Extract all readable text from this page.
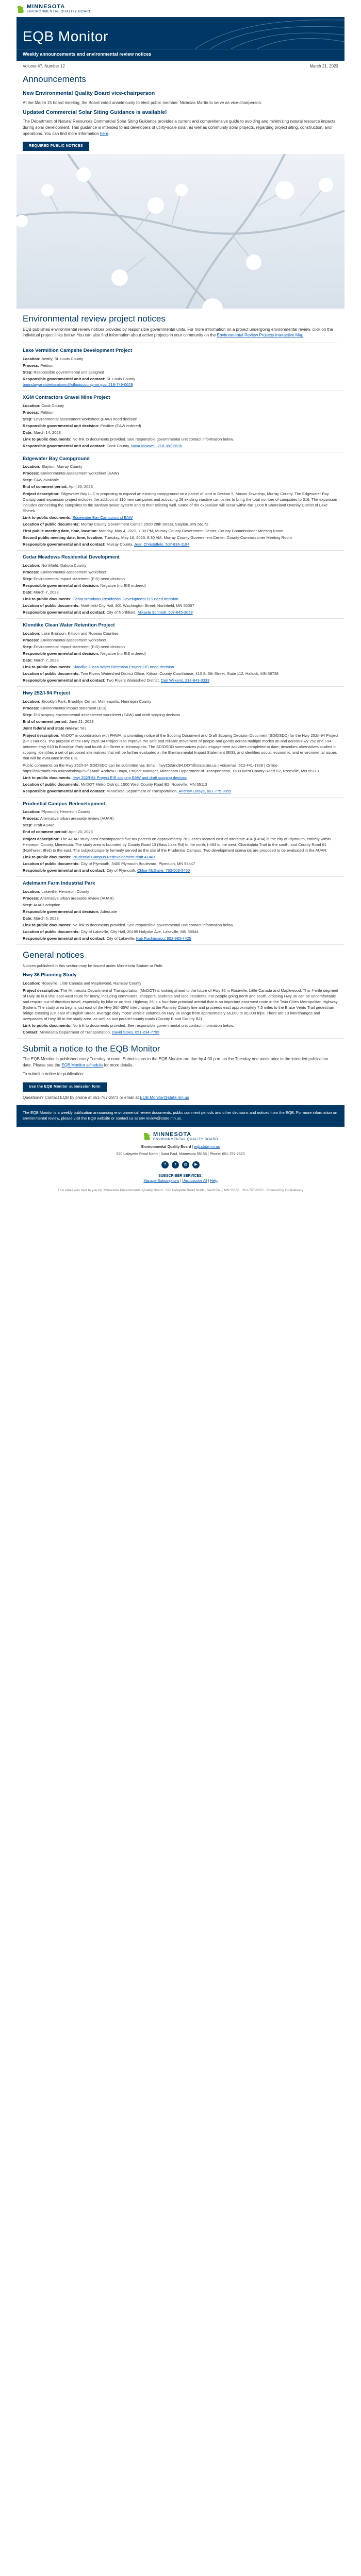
MINNESOTA
ENVIRONMENTAL QUALITY BOARD
EQB Monitor
Weekly announcements and environmental review notices
Volume 47, Number 12	March 21, 2023
Announcements
New Environmental Quality Board vice-chairperson

At the March 15 board meeting, the Board voted unanimously to elect public member, Nicholas Martin to serve as vice-chairperson.

Updated Commercial Solar Siting Guidance is available!

The Department of Natural Resources Commercial Solar Siting Guidance provides a current and comprehensive guide to avoiding and minimizing natural resource impacts during solar development. This guidance is intended to aid developers of utility-scale solar, as well as community solar projects, regarding project siting, construction, and operations. You can find more information here.

REQUIRED PUBLIC NOTICES
Environmental review project notices

EQB publishes environmental review notices provided by responsible governmental units. For more information on a project undergoing environmental review, click on the individual project links below. You can also find information about active projects in your community on the Environmental Review Projects Interactive Map.

Lake Vermillion Campsite Development Project

Location: Beatty, St. Louis County

Process: Petition

Step: Responsible governmental unit assigned

Responsible governmental unit and contact: St. Louis County
boundaryandsitelocations@stlouiscountymn.gov, 218-749-0629

XGM Contractors Gravel Mine Project

Location: Cook County

Process: Petition

Step: Environmental assessment worksheet (EAW) need decision

Responsible governmental unit decision: Positive (EAW ordered)

Date: March 14, 2023

Link to public documents: No link to documents provided. See responsible governmental unit contact information below.

Responsible governmental unit and contact: Cook County, Nova Maxwell, 218-387-3630

Edgewater Bay Campground

Location: Slayton, Murray County

Process: Environmental assessment worksheet (EAW)

Step: EAW available

End of comment period: April 20, 2023

Project description: Edgewater Bay LLC is proposing to expand an existing campground on a parcel of land in Section 5, Mason Township, Murray County. The Edgewater Bay Campground expansion project includes the addition of 110 new campsites and activating 28 existing inactive campsites to bring the total number of campsites to 316. The expansion includes connecting the campsites to the sanitary sewer system and to their existing well. Some of the expansion will occur within the 1,000 ft Shoreland Overlay District of Lake Shetek.

Link to public documents: Edgewater Bay Campground EAW

Location of public documents: Murray County Government Center, 2500 28th Street, Slayton, MN 56172

First public meeting date, time, location: Monday, May 4, 2023, 7:00 PM, Murray County Government Center, County Commissioner Meeting Room

Second public meeting date, time, location: Tuesday, May 16, 2023, 8:30 AM, Murray County Government Center, County Commissioner Meeting Room

Responsible governmental unit and contact: Murray County, Jean Christoffels, 507-836-1184

Cedar Meadows Residential Development

Location: Northfield, Dakota County

Process: Environmental assessment worksheet

Step: Environmental impact statement (EIS) need decision

Responsible governmental unit decision: Negative (no EIS ordered)

Date: March 7, 2023

Link to public documents: Cedar Meadows Residential Development EIS need decision

Location of public documents: Northfield City Hall, 801 Washington Street, Northfield, MN 55057

Responsible governmental unit and contact: City of Northfield, Mikayla Schmidt, 507-645-3059

Klondike Clean Water Retention Project

Location: Lake Bronson, Kittson and Roseau Counties

Process: Environmental assessment worksheet

Step: Environmental impact statement (EIS) need decision

Responsible governmental unit decision: Negative (no EIS ordered)

Date: March 7, 2023

Link to public documents: Klondike Clean Water Retention Project EIS need decision

Location of public documents: Two Rivers Watershed District Office, Kittson County Courthouse, 410 S. 5th Street, Suite 112, Hallock, MN 56728

Responsible governmental unit and contact: Two Rivers Watershed District, Dan Wilkens, 218-843-3333

Hwy 252/I-94 Project

Location: Brooklyn Park, Brooklyn Center, Minneapolis, Hennepin County

Process: Environmental impact statement (EIS)

Step: EIS scoping environmental assessment worksheet (EAW) and draft scoping decision

End of comment period: June 21, 2023

Joint federal and state review: Yes

Project description: MnDOT in coordination with FHWA, is providing notice of the Scoping Document and Draft Scoping Decision Document (SD/DSDD) for the Hwy 252/I-94 Project (SP 2748-66). The purpose of the Hwy 252/I-94 Project is to improve the safe and reliable movement of people and goods across multiple modes on and across Hwy 252 and I-94 between Hwy 610 in Brooklyn Park and fourth 4th Street in Minneapolis. The SD/DSDD summarizes public engagement activities completed to date; describes alternatives studied in scoping; identifies a set of proposed alternatives that will be further evaluated in the Environmental Impact Statement (EIS); and identifies social, economic, and environmental issues that will be evaluated in the EIS.

Public comments on the Hwy 252/I-94 SD/DSDD can be submitted via: Email: hwy252and94.DOT@state.mn.us | Voicemail: 612-441-1928 | Online: https://talkroads.mn.us/roads/hwy252/ | Mail: Andrew Lutaya, Project Manager, Minnesota Department of Transportation, 1500 West County Road B2, Roseville, MN 55113

Link to public documents: Hwy 252/I-94 Project EIS scoping EAW and draft scoping decision

Location of public documents: MnDOT Metro District, 1500 West County Road B2, Roseville, MN 55113

Responsible governmental unit and contact: Minnesota Department of Transportation, Andrew Lutaya, 651-775-0855

Prudential Campus Redevelopment

Location: Plymouth, Hennepin County

Process: Alternative urban areawide review (AUAR)

Step: Draft AUAR

End of comment period: April 20, 2023

Project description: The AUAR study area encompasses five tax parcels on approximately 76.2 acres located east of Interstate 494 (I-494) in the city of Plymouth, entirely within Hennepin County, Minnesota. The study area is bounded by County Road 10 (Bass Lake Rd) to the north, I-494 to the west, Chankahda Trail to the south, and County Road 61 (Northwest Blvd) to the east. The subject property formerly served as the site of the Prudential Campus. Two development scenarios are proposed to be evaluated in the AUAR.

Link to public documents: Prudential Campus Redevelopment draft AUAR

Location of public documents: City of Plymouth, 3400 Plymouth Boulevard, Plymouth, MN 55447

Responsible governmental unit and contact: City of Plymouth, Chloe McGuire, 763-509-5450

Adelmann Farm Industrial Park

Location: Lakeville, Hennepin County

Process: Alternative urban areawide review (AUAR)

Step: AUAR adoption

Responsible governmental unit decision: Adequate

Date: March 6, 2023

Link to public documents: No link to documents provided. See responsible governmental unit contact information below.

Location of public documents: City of Lakeville, City Hall, 20195 Holyoke Ave, Lakeville, MN 55044

Responsible governmental unit and contact: City of Lakeville, Kati Rachimaiou, 952-985-4425

General notices

Notices published in this section may be issued under Minnesota Statute or Rule.

Hwy 36 Planning Study

Location: Roseville, Little Canada and Maplewood, Ramsey County

Project description: The Minnesota Department of Transportation (MnDOT) is looking ahead to the future of Hwy 36 in Roseville, Little Canada and Maplewood. This 4-mile segment of Hwy 36 is a vital east-west route for many, including commuters, shoppers, students and local residents. For people going north and south, crossing Hwy 36 can be uncomfortable and require out-of-direction travel, especially by bike or on foot. Highway 36 is a four-lane principal arterial that is an important east-west route in the Twin Cities Metropolitan Highway System. The study area begins just east of the Hwy 36/I-35W interchange at the Ramsey County line and proceeds east approximately 7.5 miles to the Bruce Vento Trail pedestrian bridge crossing just east of English Street. Average daily motor vehicle volumes on Hwy 36 range from approximately 66,000 to 80,000 trips. There are 13 interchanges and overpasses of Hwy 36 in the study area, as well as two parallel county roads (County B and County B2).

Link to public documents: No link to documents provided. See responsible governmental unit contact information below.

Contact: Minnesota Department of Transportation, David Stoks, 651-234-7795

Submit a notice to the EQB Monitor

The EQB Monitor is published every Tuesday at noon. Submissions to the EQB Monitor are due by 4:00 p.m. on the Tuesday one week prior to the intended publication date. Please see the EQB Monitor schedule for more details.

To submit a notice for publication:

Use the EQB Monitor submission form

Questions? Contact EQB by phone at 651-757-2873 or email at EQB.Monitor@state.mn.us

The EQB Monitor is a weekly publication announcing environmental review documents, public comment periods and other decisions and notices from the EQB. For more information on environmental review, please visit the EQB website or contact us at env.review@state.mn.us.
MINNESOTA
ENVIRONMENTAL QUALITY BOARD
Environmental Quality Board | eqb.state.mn.us
520 Lafayette Road North | Saint Paul, Minnesota 55155 | Phone: 651-757-2873
f	t	@	▶
SUBSCRIBER SERVICES:
Manage Subscriptions | Unsubscribe All | Help
This email was sent to you by: Minnesota Environmental Quality Board · 520 Lafayette Road North · Saint Paul, MN 55155 · 651-757-2873 · Powered by GovDelivery
